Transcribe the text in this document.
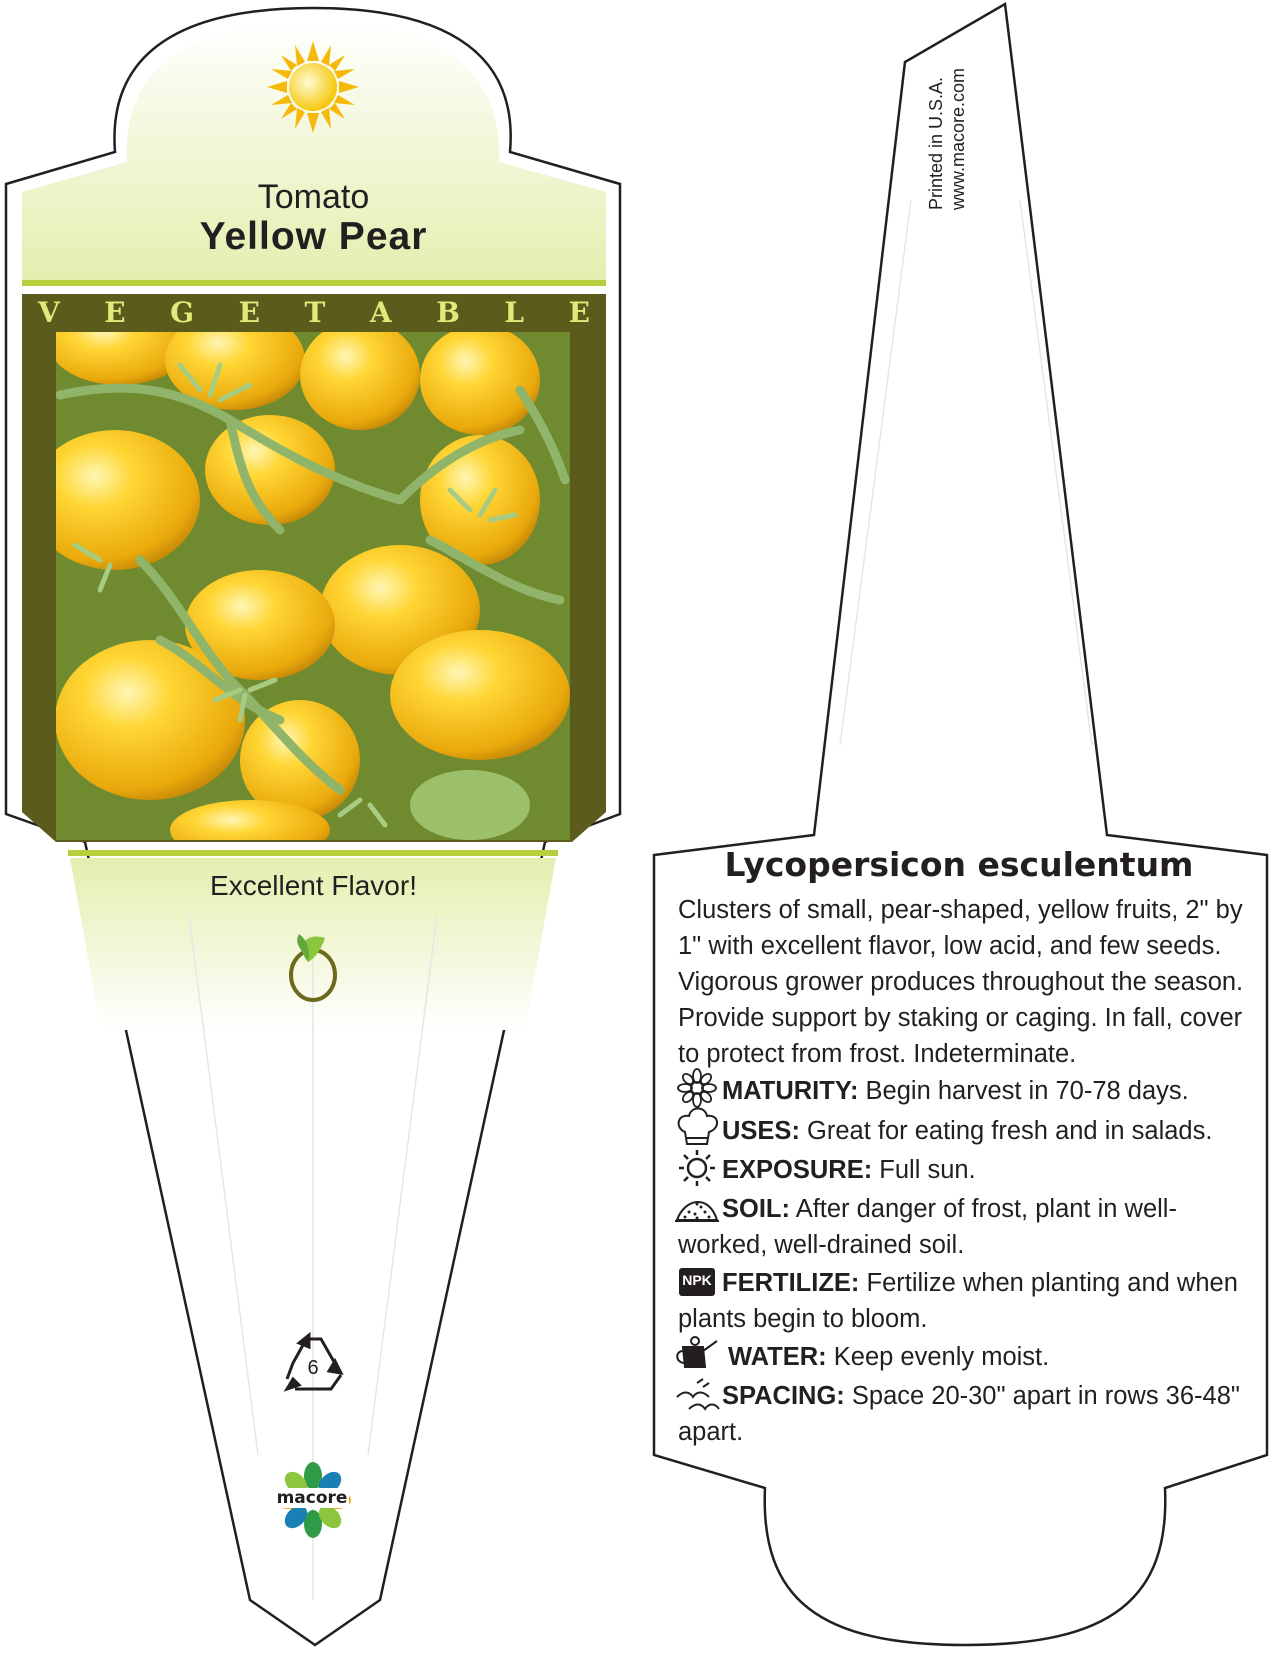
Tomato
Yellow Pear
V E G E T A B L E
Excellent Flavor!
6
macore
Printed in U.S.A. www.macore.com
Lycopersicon esculentum
Clusters of small, pear-shaped, yellow fruits, 2" by 1" with excellent flavor, low acid, and few seeds. Vigorous grower produces throughout the season. Provide support by staking or caging. In fall, cover to protect from frost. Indeterminate.
MATURITY: Begin harvest in 70-78 days.
USES: Great for eating fresh and in salads.
EXPOSURE: Full sun.
SOIL: After danger of frost, plant in well-worked, well-drained soil.
FERTILIZE: Fertilize when planting and when plants begin to bloom.
WATER: Keep evenly moist.
SPACING: Space 20-30" apart in rows 36-48" apart.
NPK
